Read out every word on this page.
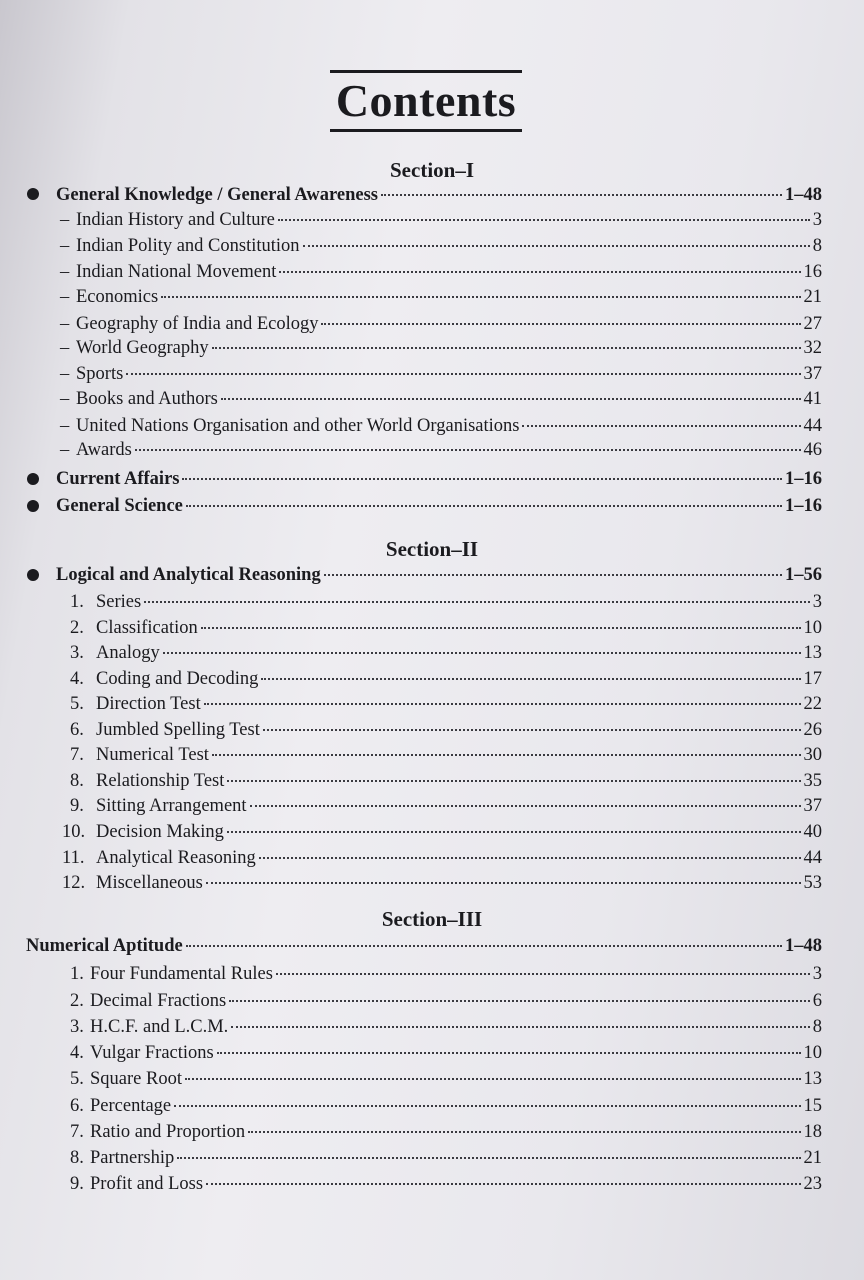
Contents
Section–I
General Knowledge / General Awareness	1–48
– Indian History and Culture	3
– Indian Polity and Constitution	8
– Indian National Movement	16
– Economics	21
– Geography of India and Ecology	27
– World Geography	32
– Sports	37
– Books and Authors	41
– United Nations Organisation and other World Organisations	44
– Awards	46
Current Affairs	1–16
General Science	1–16
Section–II
Logical and Analytical Reasoning	1–56
1. Series	3
2. Classification	10
3. Analogy	13
4. Coding and Decoding	17
5. Direction Test	22
6. Jumbled Spelling Test	26
7. Numerical Test	30
8. Relationship Test	35
9. Sitting Arrangement	37
10. Decision Making	40
11. Analytical Reasoning	44
12. Miscellaneous	53
Section–III
Numerical Aptitude	1–48
1. Four Fundamental Rules	3
2. Decimal Fractions	6
3. H.C.F. and L.C.M.	8
4. Vulgar Fractions	10
5. Square Root	13
6. Percentage	15
7. Ratio and Proportion	18
8. Partnership	21
9. Profit and Loss	23
